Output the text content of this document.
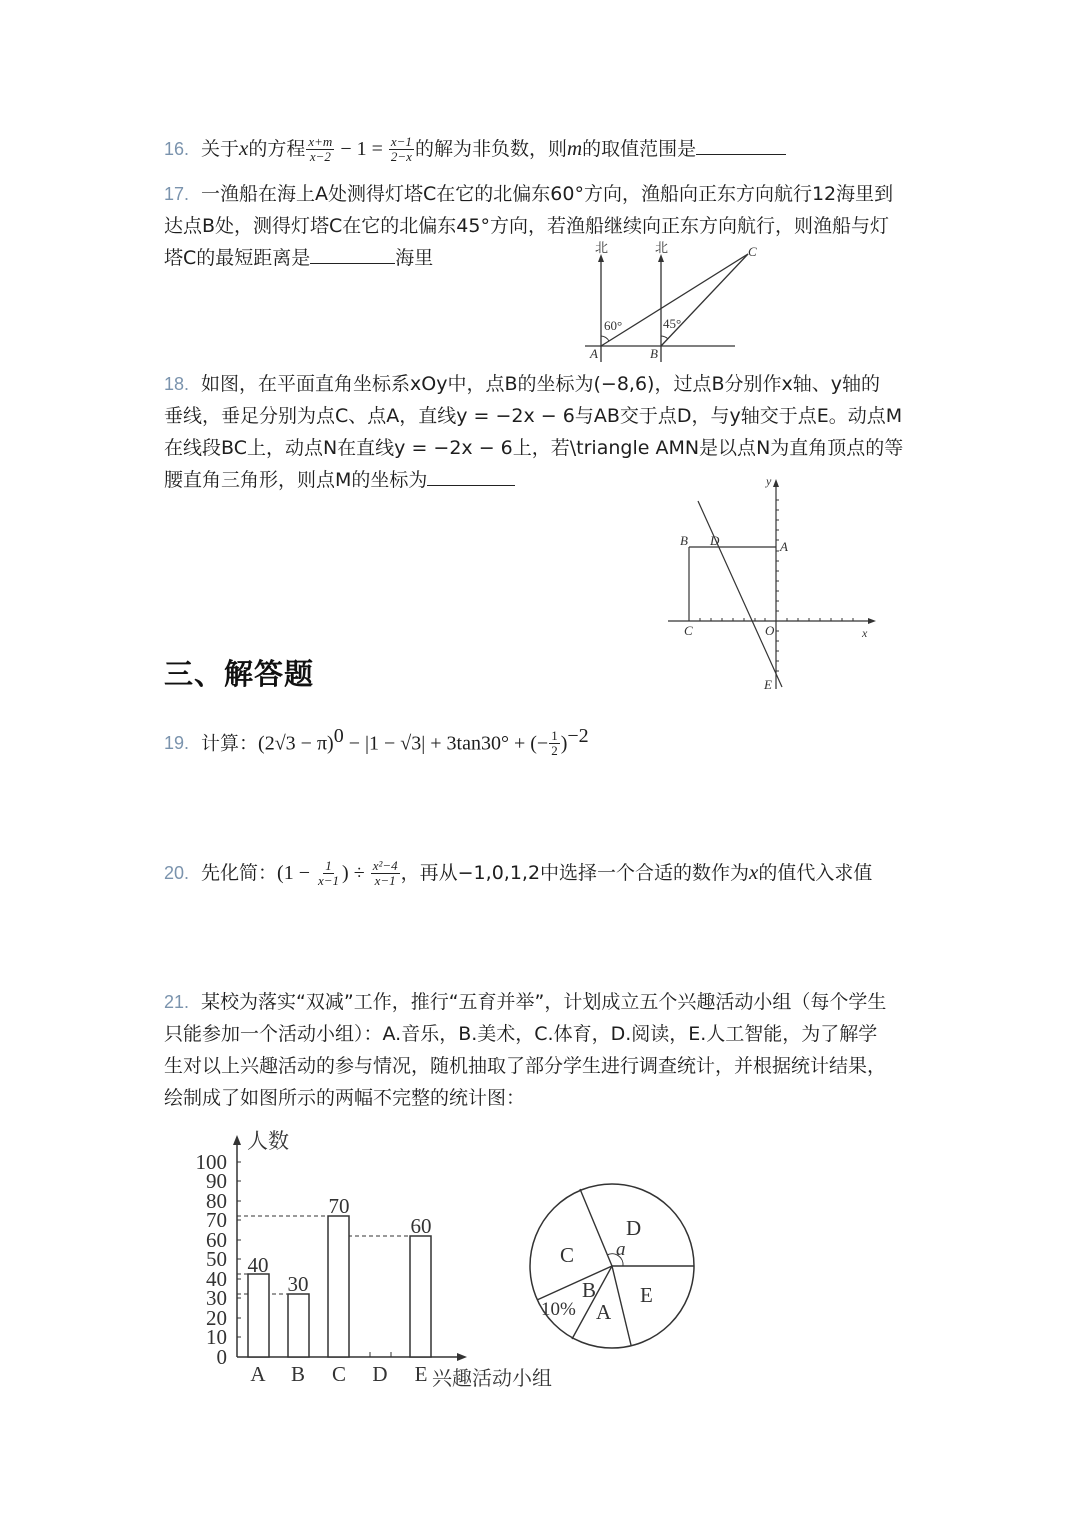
16. 关于x的方程 $\frac{x+m}{x-2} - 1 = \frac{x-1}{2-x}$ 的解为非负数，则m的取值范围是
17. 一渔船在海上A处测得灯塔C在它的北偏东60°方向，渔船向正东方向航行12海里到
达点B处，测得灯塔C在它的北偏东45°方向，若渔船继续向正东方向航行，则渔船与灯
塔C的最短距离是	海里	北	北
60°	45°
A	B
C
18. 如图，在平面直角坐标系xOy中，点B的坐标为(−8,6)，过点B分别作x轴、y轴的
垂线，垂足分别为点C、点A，直线y = −2x − 6与AB交于点D，与y轴交于点E。动点M
在线段BC上，动点N在直线y = −2x − 6上，若\triangle AMN是以点N为直角顶点的等
腰直角三角形，则点M的坐标为
B D	A
C	O	x
y
E
三、解答题
19. 计算：$(2√3 - \pi)^0 - |1 - √3| + 3\tan 30^\circ$ + (− $\frac{1}{2} )^{-2}$
20. 先化简：($1 - \frac{1}{x-1}$ ) ÷ $\frac{\text{x²−4}}{x-1}$ ，再从−1,0,1,2中选择一个合适的数作为x的值代入求值
21. 某校为落实“双减”工作，推行“五育并举”，计划成立五个兴趣活动小组（每个学生
只能参加一个活动小组）：A.音乐，B.美术，C.体育，D.阅读，E.人工智能，为了解学
生对以上兴趣活动的参与情况，随机抽取了部分学生进行调查统计，并根据统计结果，
绘制成了如图所示的两幅不完整的统计图：
0
10
20
30
40
50
60
70
80
90
100
人数
40
30
70
60
A B C D E 兴趣活动小组
D
a
C
B
10% A
E
